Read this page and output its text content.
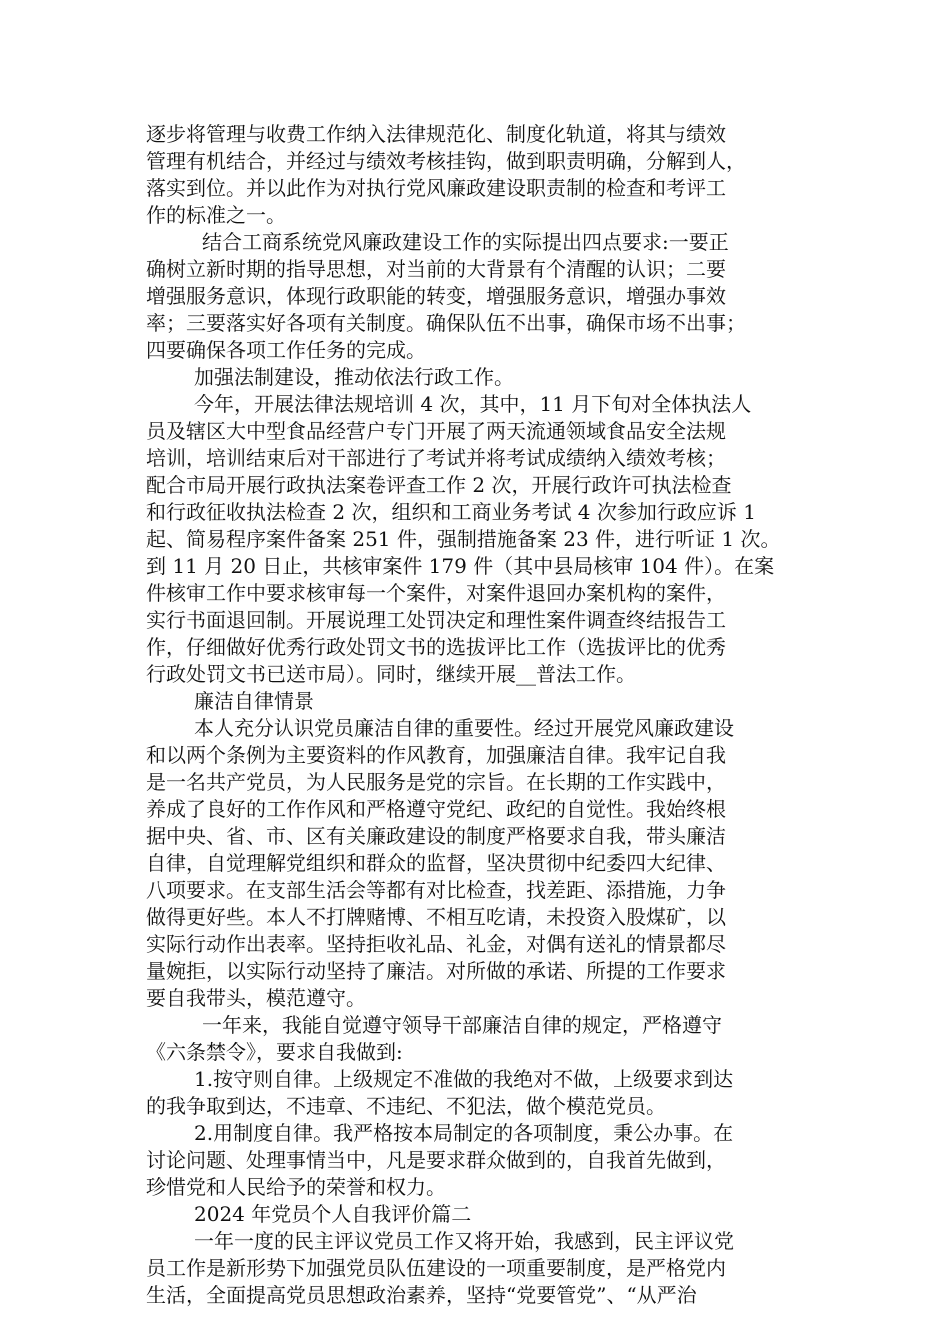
逐步将管理与收费工作纳入法律规范化、制度化轨道，将其与绩效
管理有机结合，并经过与绩效考核挂钩，做到职责明确，分解到人，
落实到位。并以此作为对执行党风廉政建设职责制的检查和考评工
作的标准之一。
结合工商系统党风廉政建设工作的实际提出四点要求:一要正
确树立新时期的指导思想，对当前的大背景有个清醒的认识；二要
增强服务意识，体现行政职能的转变，增强服务意识，增强办事效
率；三要落实好各项有关制度。确保队伍不出事，确保市场不出事；
四要确保各项工作任务的完成。
加强法制建设，推动依法行政工作。
今年，开展法律法规培训 4 次，其中，11 月下旬对全体执法人
员及辖区大中型食品经营户专门开展了两天流通领域食品安全法规
培训，培训结束后对干部进行了考试并将考试成绩纳入绩效考核；
配合市局开展行政执法案卷评查工作 2 次，开展行政许可执法检查
和行政征收执法检查 2 次，组织和工商业务考试 4 次参加行政应诉 1
起、简易程序案件备案 251 件，强制措施备案 23 件，进行听证 1 次。
到 11 月 20 日止，共核审案件 179 件（其中县局核审 104 件）。在案
件核审工作中要求核审每一个案件，对案件退回办案机构的案件，
实行书面退回制。开展说理工处罚决定和理性案件调查终结报告工
作，仔细做好优秀行政处罚文书的选拔评比工作（选拔评比的优秀
行政处罚文书已送市局）。同时，继续开展__普法工作。
廉洁自律情景
本人充分认识党员廉洁自律的重要性。经过开展党风廉政建设
和以两个条例为主要资料的作风教育，加强廉洁自律。我牢记自我
是一名共产党员，为人民服务是党的宗旨。在长期的工作实践中，
养成了良好的工作作风和严格遵守党纪、政纪的自觉性。我始终根
据中央、省、市、区有关廉政建设的制度严格要求自我，带头廉洁
自律，自觉理解党组织和群众的监督，坚决贯彻中纪委四大纪律、
八项要求。在支部生活会等都有对比检查，找差距、添措施，力争
做得更好些。本人不打牌赌博、不相互吃请，未投资入股煤矿，以
实际行动作出表率。坚持拒收礼品、礼金，对偶有送礼的情景都尽
量婉拒，以实际行动坚持了廉洁。对所做的承诺、所提的工作要求
要自我带头，模范遵守。
一年来，我能自觉遵守领导干部廉洁自律的规定，严格遵守
《六条禁令》，要求自我做到:
1.按守则自律。上级规定不准做的我绝对不做，上级要求到达
的我争取到达，不违章、不违纪、不犯法，做个模范党员。
2.用制度自律。我严格按本局制定的各项制度，秉公办事。在
讨论问题、处理事情当中，凡是要求群众做到的，自我首先做到，
珍惜党和人民给予的荣誉和权力。
2024 年党员个人自我评价篇二
一年一度的民主评议党员工作又将开始，我感到，民主评议党
员工作是新形势下加强党员队伍建设的一项重要制度，是严格党内
生活，全面提高党员思想政治素养，坚持“党要管党”、“从严治
